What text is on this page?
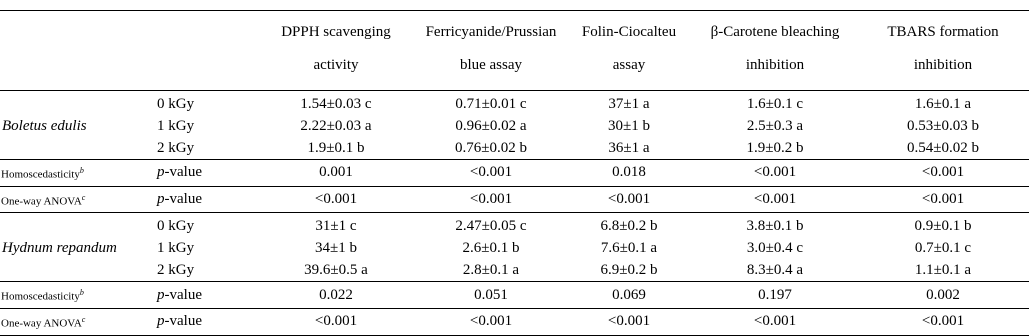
		DPPH scavenging	Ferricyanide/Prussian	Folin-Ciocalteu	β-Carotene bleaching	TBARS formation
		activity	blue assay	assay	inhibition	inhibition
Boletus edulis	0 kGy	1.54±0.03 c	0.71±0.01 c	37±1 a	1.6±0.1 c	1.6±0.1 a
	1 kGy	2.22±0.03 a	0.96±0.02 a	30±1 b	2.5±0.3 a	0.53±0.03 b
	2 kGy	1.9±0.1 b	0.76±0.02 b	36±1 a	1.9±0.2 b	0.54±0.02 b
Homoscedasticity$^b$	p-value	0.001	<0.001	0.018	<0.001	<0.001
One-way ANOVA$^c$	p-value	<0.001	<0.001	<0.001	<0.001	<0.001
Hydnum repandum	0 kGy	31±1 c	2.47±0.05 c	6.8±0.2 b	3.8±0.1 b	0.9±0.1 b
	1 kGy	34±1 b	2.6±0.1 b	7.6±0.1 a	3.0±0.4 c	0.7±0.1 c
	2 kGy	39.6±0.5 a	2.8±0.1 a	6.9±0.2 b	8.3±0.4 a	1.1±0.1 a
Homoscedasticity$^b$	p-value	0.022	0.051	0.069	0.197	0.002
One-way ANOVA$^c$	p-value	<0.001	<0.001	<0.001	<0.001	<0.001
